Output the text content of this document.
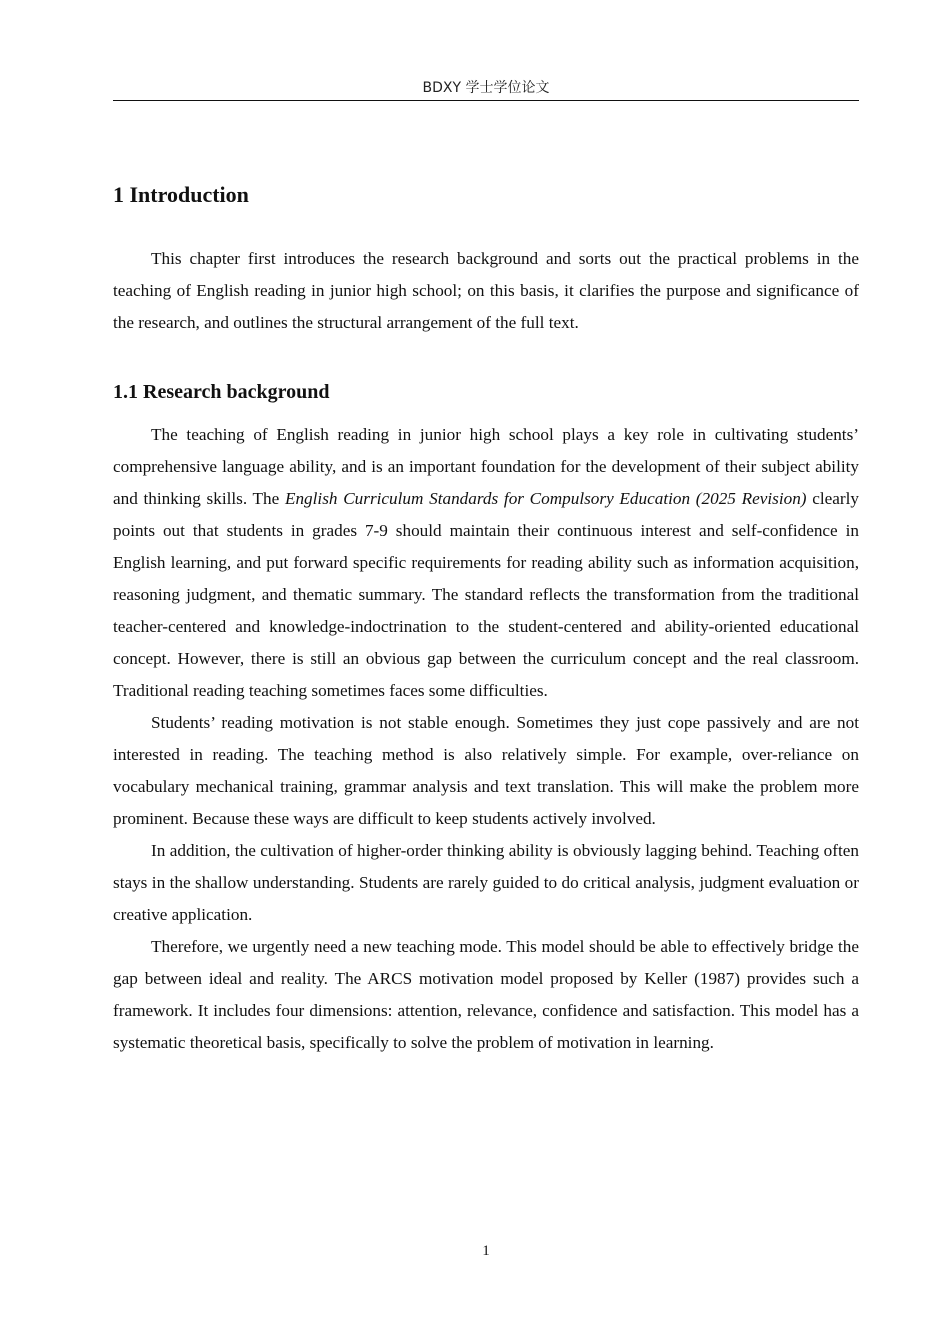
BDXY 学士学位论文
1 Introduction

This chapter first introduces the research background and sorts out the practical problems in the teaching of English reading in junior high school; on this basis, it clarifies the purpose and significance of the research, and outlines the structural arrangement of the full text.

1.1 Research background

The teaching of English reading in junior high school plays a key role in cultivating students’ comprehensive language ability, and is an important foundation for the development of their subject ability and thinking skills. The English Curriculum Standards for Compulsory Education (2025 Revision) clearly points out that students in grades 7-9 should maintain their continuous interest and self-confidence in English learning, and put forward specific requirements for reading ability such as information acquisition, reasoning judgment, and thematic summary. The standard reflects the transformation from the traditional teacher-centered and knowledge-indoctrination to the student-centered and ability-oriented educational concept. However, there is still an obvious gap between the curriculum concept and the real classroom. Traditional reading teaching sometimes faces some difficulties.

Students’ reading motivation is not stable enough. Sometimes they just cope passively and are not interested in reading. The teaching method is also relatively simple. For example, over-reliance on vocabulary mechanical training, grammar analysis and text translation. This will make the problem more prominent. Because these ways are difficult to keep students actively involved.

In addition, the cultivation of higher-order thinking ability is obviously lagging behind. Teaching often stays in the shallow understanding. Students are rarely guided to do critical analysis, judgment evaluation or creative application.

Therefore, we urgently need a new teaching mode. This model should be able to effectively bridge the gap between ideal and reality. The ARCS motivation model proposed by Keller (1987) provides such a framework. It includes four dimensions: attention, relevance, confidence and satisfaction. This model has a systematic theoretical basis, specifically to solve the problem of motivation in learning.

1
